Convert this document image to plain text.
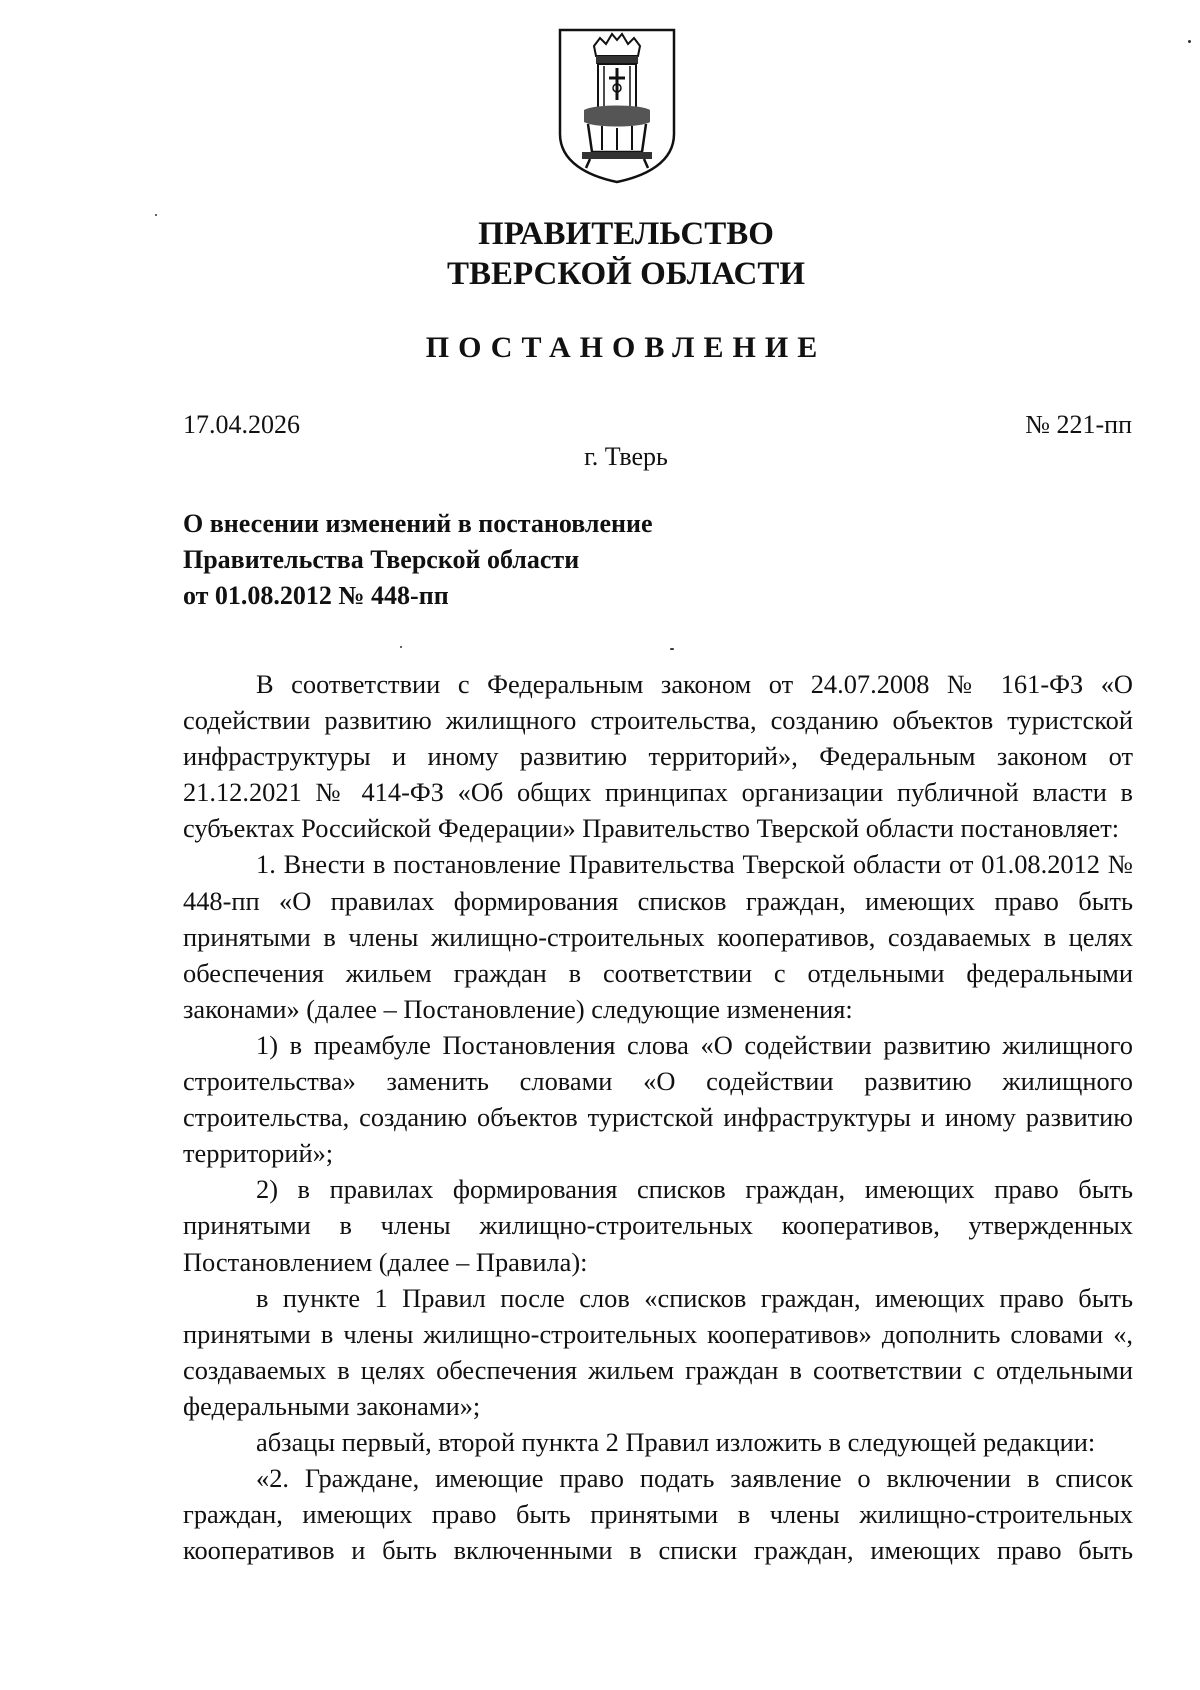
ПРАВИТЕЛЬСТВО
ТВЕРСКОЙ ОБЛАСТИ
ПОСТАНОВЛЕНИЕ
17.04.2026	№ 221-пп
г. Тверь
О внесении изменений в постановление
Правительства Тверской области
от 01.08.2012 № 448-пп

В соответствии с Федеральным законом от 24.07.2008 № 161-ФЗ «О содействии развитию жилищного строительства, созданию объектов туристской инфраструктуры и иному развитию территорий», Федеральным законом от 21.12.2021 № 414-ФЗ «Об общих принципах организации публичной власти в субъектах Российской Федерации» Правительство Тверской области постановляет:

1. Внести в постановление Правительства Тверской области от 01.08.2012 № 448-пп «О правилах формирования списков граждан, имеющих право быть принятыми в члены жилищно-строительных кооперативов, создаваемых в целях обеспечения жильем граждан в соответствии с отдельными федеральными законами» (далее – Постановление) следующие изменения:

1) в преамбуле Постановления слова «О содействии развитию жилищного строительства» заменить словами «О содействии развитию жилищного строительства, созданию объектов туристской инфраструктуры и иному развитию территорий»;

2) в правилах формирования списков граждан, имеющих право быть принятыми в члены жилищно-строительных кооперативов, утвержденных Постановлением (далее – Правила):

в пункте 1 Правил после слов «списков граждан, имеющих право быть принятыми в члены жилищно-строительных кооперативов» дополнить словами «, создаваемых в целях обеспечения жильем граждан в соответствии с отдельными федеральными законами»;

абзацы первый, второй пункта 2 Правил изложить в следующей редакции:

«2. Граждане, имеющие право подать заявление о включении в список граждан, имеющих право быть принятыми в члены жилищно-строительных кооперативов и быть включенными в списки граждан, имеющих право быть
